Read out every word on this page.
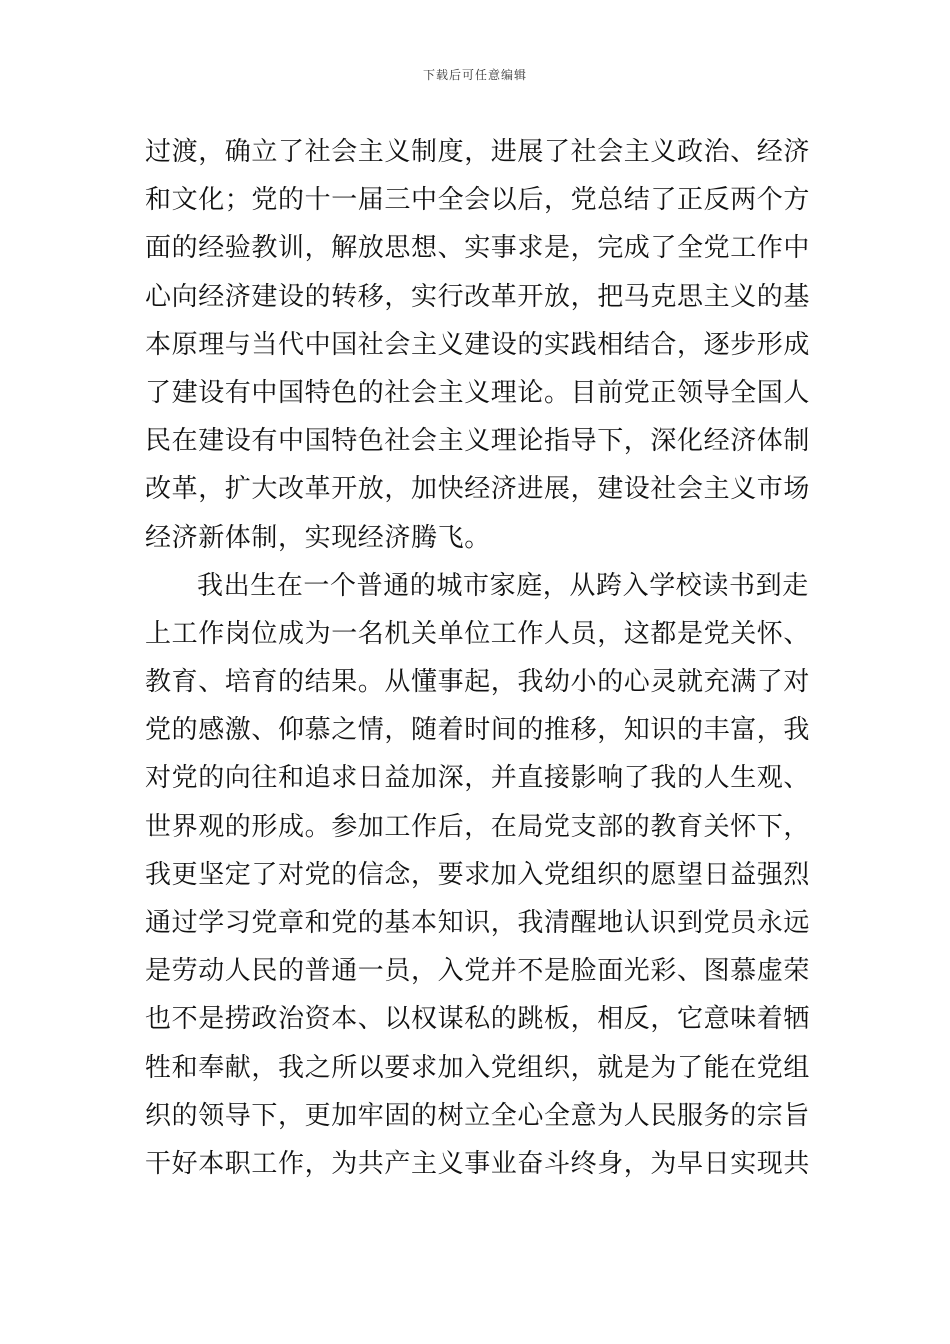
下载后可任意编辑
过渡，确立了社会主义制度，进展了社会主义政治、经济
和文化；党的十一届三中全会以后，党总结了正反两个方
面的经验教训，解放思想、实事求是，完成了全党工作中
心向经济建设的转移，实行改革开放，把马克思主义的基
本原理与当代中国社会主义建设的实践相结合，逐步形成
了建设有中国特色的社会主义理论。目前党正领导全国人
民在建设有中国特色社会主义理论指导下，深化经济体制
改革，扩大改革开放，加快经济进展，建设社会主义市场
经济新体制，实现经济腾飞。
我出生在一个普通的城市家庭，从跨入学校读书到走
上工作岗位成为一名机关单位工作人员，这都是党关怀、
教育、培育的结果。从懂事起，我幼小的心灵就充满了对
党的感激、仰慕之情，随着时间的推移，知识的丰富，我
对党的向往和追求日益加深，并直接影响了我的人生观、
世界观的形成。参加工作后，在局党支部的教育关怀下，
我更坚定了对党的信念，要求加入党组织的愿望日益强烈
通过学习党章和党的基本知识，我清醒地认识到党员永远
是劳动人民的普通一员，入党并不是脸面光彩、图慕虚荣
也不是捞政治资本、以权谋私的跳板，相反，它意味着牺
牲和奉献，我之所以要求加入党组织，就是为了能在党组
织的领导下，更加牢固的树立全心全意为人民服务的宗旨
干好本职工作，为共产主义事业奋斗终身，为早日实现共
